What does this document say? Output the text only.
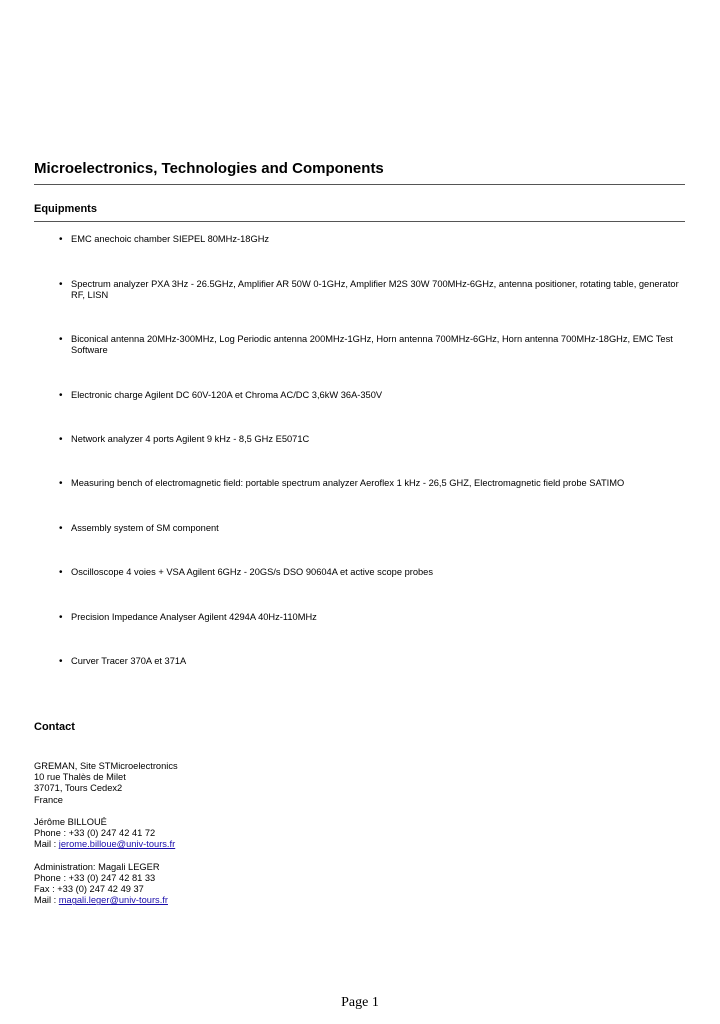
Microelectronics, Technologies and Components
Equipments
• EMC anechoic chamber SIEPEL 80MHz-18GHz
• Spectrum analyzer PXA 3Hz - 26.5GHz, Amplifier AR 50W 0-1GHz, Amplifier M2S 30W 700MHz-6GHz, antenna positioner, rotating table, generator RF, LISN
• Biconical antenna 20MHz-300MHz, Log Periodic antenna 200MHz-1GHz, Horn antenna 700MHz-6GHz, Horn antenna 700MHz-18GHz, EMC Test Software
• Electronic charge Agilent DC 60V-120A et Chroma AC/DC 3,6kW 36A-350V
• Network analyzer 4 ports Agilent 9 kHz - 8,5 GHz E5071C
• Measuring bench of electromagnetic field: portable spectrum analyzer Aeroflex 1 kHz - 26,5 GHZ, Electromagnetic field probe SATIMO
• Assembly system of SM component
• Oscilloscope 4 voies + VSA Agilent 6GHz - 20GS/s DSO 90604A et active scope probes
• Precision Impedance Analyser Agilent 4294A 40Hz-110MHz
• Curver Tracer 370A et 371A
Contact
GREMAN, Site STMicroelectronics
10 rue Thalès de Milet
37071, Tours Cedex2
France
Jérôme BILLOUÉ
Phone : +33 (0) 247 42 41 72
Mail : jerome.billoue@univ-tours.fr
Administration: Magali LEGER
Phone : +33 (0) 247 42 81 33
Fax : +33 (0) 247 42 49 37
Mail : magali.leger@univ-tours.fr
Page 1
